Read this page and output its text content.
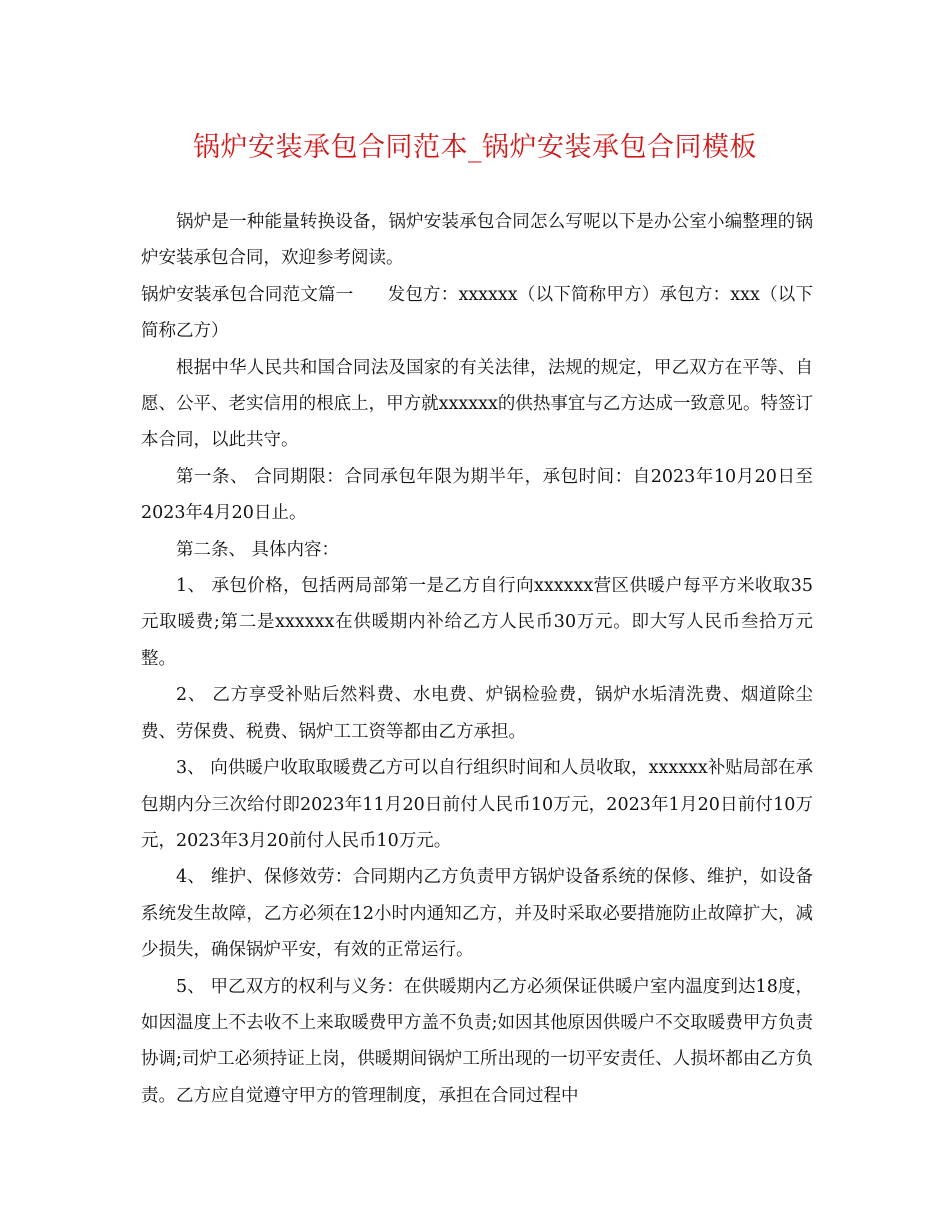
锅炉安装承包合同范本_锅炉安装承包合同模板

锅炉是一种能量转换设备，锅炉安装承包合同怎么写呢以下是办公室小编整理的锅炉安装承包合同，欢迎参考阅读。

锅炉安装承包合同范文篇一 发包方：xxxxxx（以下简称甲方）承包方：xxx（以下简称乙方）

根据中华人民共和国合同法及国家的有关法律，法规的规定，甲乙双方在平等、自愿、公平、老实信用的根底上，甲方就xxxxxx的供热事宜与乙方达成一致意见。特签订本合同，以此共守。

第一条、 合同期限：合同承包年限为期半年，承包时间：自2023年10月20日至2023年4月20日止。

第二条、 具体内容：

1、 承包价格，包括两局部第一是乙方自行向xxxxxx营区供暖户每平方米收取35元取暖费;第二是xxxxxx在供暖期内补给乙方人民币30万元。即大写人民币叁拾万元整。

2、 乙方享受补贴后然料费、水电费、炉锅检验费，锅炉水垢清洗费、烟道除尘费、劳保费、税费、锅炉工工资等都由乙方承担。

3、 向供暖户收取取暖费乙方可以自行组织时间和人员收取，xxxxxx补贴局部在承包期内分三次给付即2023年11月20日前付人民币10万元，2023年1月20日前付10万元，2023年3月20前付人民币10万元。

4、 维护、保修效劳：合同期内乙方负责甲方锅炉设备系统的保修、维护，如设备系统发生故障，乙方必须在12小时内通知乙方，并及时采取必要措施防止故障扩大，减少损失，确保锅炉平安，有效的正常运行。

5、 甲乙双方的权利与义务：在供暖期内乙方必须保证供暖户室内温度到达18度，如因温度上不去收不上来取暖费甲方盖不负责;如因其他原因供暖户不交取暖费甲方负责协调;司炉工必须持证上岗，供暖期间锅炉工所出现的一切平安责任、人损坏都由乙方负责。乙方应自觉遵守甲方的管理制度，承担在合同过程中
